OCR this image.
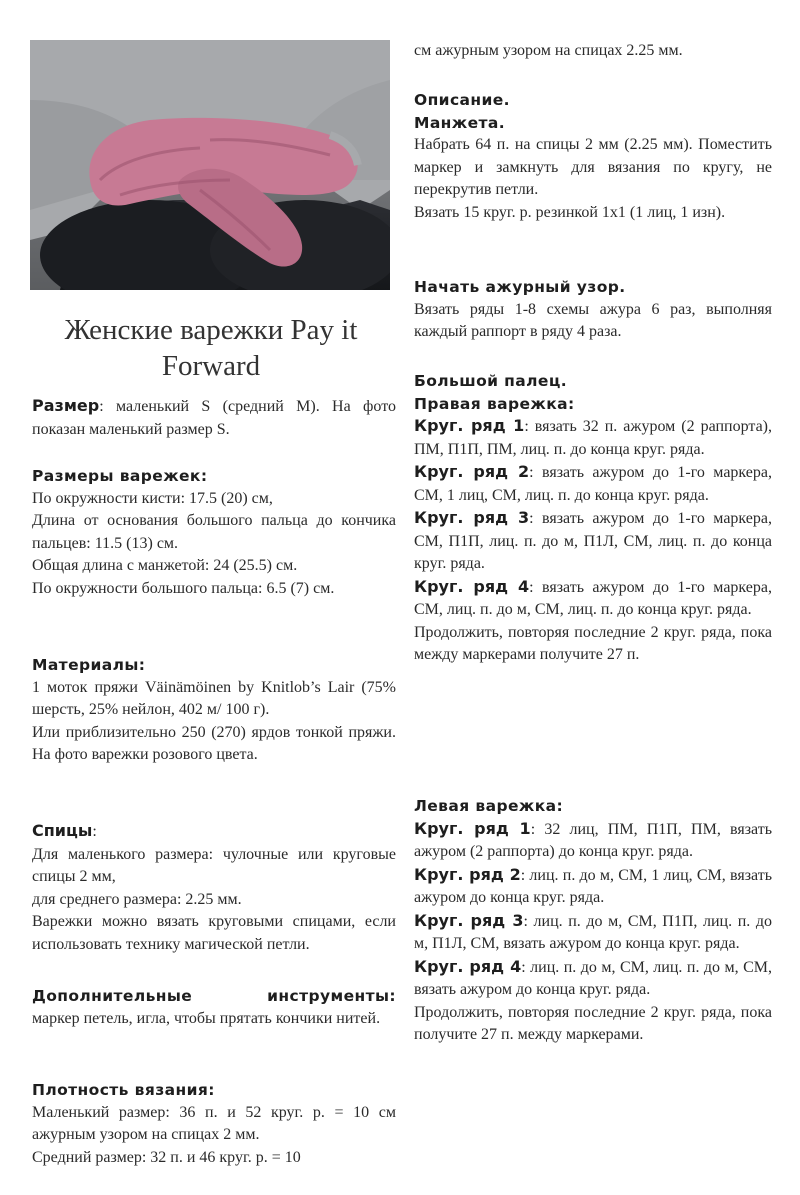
Женские варежки Pay it Forward

Размер: маленький S (средний M). На фото показан маленький размер S.

Размеры варежек:

По окружности кисти: 17.5 (20) см,

Длина от основания большого пальца до кончика пальцев: 11.5 (13) см.

Общая длина с манжетой: 24 (25.5) см.

По окружности большого пальца: 6.5 (7) см.

Материалы:

1 моток пряжи Väinämöinen by Knitlob’s Lair (75% шерсть, 25% нейлон, 402 м/ 100 г).

Или приблизительно 250 (270) ярдов тонкой пряжи. На фото варежки розового цвета.

Спицы:

Для маленького размера: чулочные или круговые спицы 2 мм,

для среднего размера: 2.25 мм.

Варежки можно вязать круговыми спицами, если использовать технику магической петли.

Дополнительные инструменты:

маркер петель, игла, чтобы прятать кончики нитей.

Плотность вязания:

Маленький размер: 36 п. и 52 круг. р. = 10 см ажурным узором на спицах 2 мм.

Средний размер: 32 п. и 46 круг. р. = 10

см ажурным узором на спицах 2.25 мм.

Описание.

Манжета.

Набрать 64 п. на спицы 2 мм (2.25 мм). Поместить маркер и замкнуть для вязания по кругу, не перекрутив петли.

Вязать 15 круг. р. резинкой 1х1 (1 лиц, 1 изн).

Начать ажурный узор.

Вязать ряды 1-8 схемы ажура 6 раз, выполняя каждый раппорт в ряду 4 раза.

Большой палец.

Правая варежка:

Круг. ряд 1: вязать 32 п. ажуром (2 раппорта), ПМ, П1П, ПМ, лиц. п. до конца круг. ряда.

Круг. ряд 2: вязать ажуром до 1-го маркера, СМ, 1 лиц, СМ, лиц. п. до конца круг. ряда.

Круг. ряд 3: вязать ажуром до 1-го маркера, СМ, П1П, лиц. п. до м, П1Л, СМ, лиц. п. до конца круг. ряда.

Круг. ряд 4: вязать ажуром до 1-го маркера, СМ, лиц. п. до м, СМ, лиц. п. до конца круг. ряда.

Продолжить, повторяя последние 2 круг. ряда, пока между маркерами получите 27 п.

Левая варежка:

Круг. ряд 1: 32 лиц, ПМ, П1П, ПМ, вязать ажуром (2 раппорта) до конца круг. ряда.

Круг. ряд 2: лиц. п. до м, СМ, 1 лиц, СМ, вязать ажуром до конца круг. ряда.

Круг. ряд 3: лиц. п. до м, СМ, П1П, лиц. п. до м, П1Л, СМ, вязать ажуром до конца круг. ряда.

Круг. ряд 4: лиц. п. до м, СМ, лиц. п. до м, СМ, вязать ажуром до конца круг. ряда.

Продолжить, повторяя последние 2 круг. ряда, пока получите 27 п. между маркерами.
